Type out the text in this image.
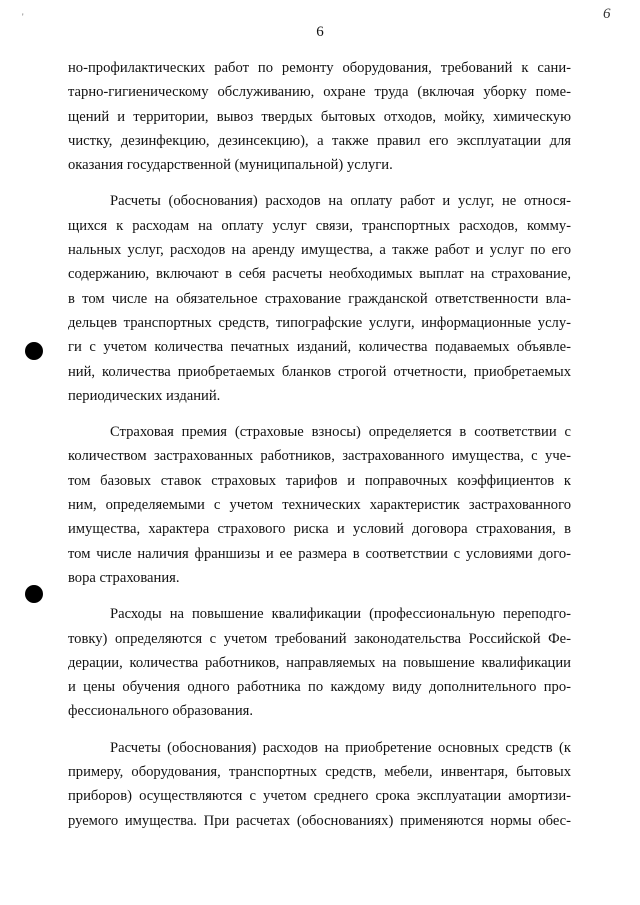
'
6
6
но-профилактических работ по ремонту оборудования, требований к сани-
тарно-гигиеническому обслуживанию, охране труда (включая уборку поме-
щений и территории, вывоз твердых бытовых отходов, мойку, химическую
чистку, дезинфекцию, дезинсекцию), а также правил его эксплуатации для
оказания государственной (муниципальной) услуги.
Расчеты (обоснования) расходов на оплату работ и услуг, не относя-
щихся к расходам на оплату услуг связи, транспортных расходов, комму-
нальных услуг, расходов на аренду имущества, а также работ и услуг по его
содержанию, включают в себя расчеты необходимых выплат на страхование,
в том числе на обязательное страхование гражданской ответственности вла-
дельцев транспортных средств, типографские услуги, информационные услу-
ги с учетом количества печатных изданий, количества подаваемых объявле-
ний, количества приобретаемых бланков строгой отчетности, приобретаемых
периодических изданий.
Страховая премия (страховые взносы) определяется в соответствии с
количеством застрахованных работников, застрахованного имущества, с уче-
том базовых ставок страховых тарифов и поправочных коэффициентов к
ним, определяемыми с учетом технических характеристик застрахованного
имущества, характера страхового риска и условий договора страхования, в
том числе наличия франшизы и ее размера в соответствии с условиями дого-
вора страхования.
Расходы на повышение квалификации (профессиональную переподго-
товку) определяются с учетом требований законодательства Российской Фе-
дерации, количества работников, направляемых на повышение квалификации
и цены обучения одного работника по каждому виду дополнительного про-
фессионального образования.
Расчеты (обоснования) расходов на приобретение основных средств (к
примеру, оборудования, транспортных средств, мебели, инвентаря, бытовых
приборов) осуществляются с учетом среднего срока эксплуатации амортизи-
руемого имущества. При расчетах (обоснованиях) применяются нормы обес-
